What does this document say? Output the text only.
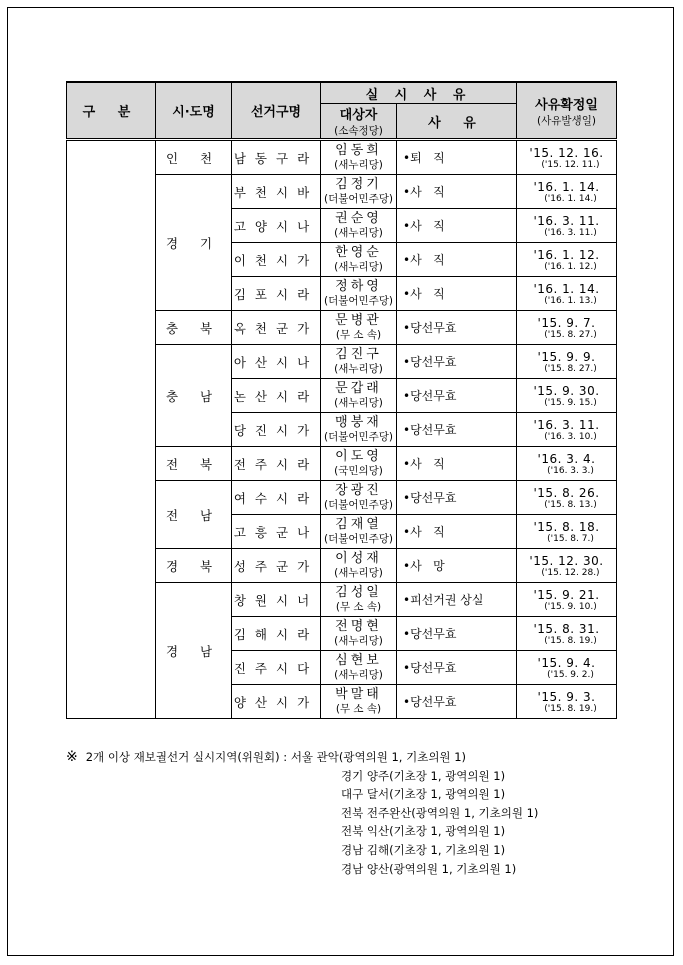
구 분	시·도명	선거구명	실 시 사 유		사유확정일
(사유발생일)

			대상자
(소속정당)	사 유	
	인 천	남동구라	임동희
(새누리당)	•퇴   직	'15. 12. 16.
('15. 12. 11.)

	경 기	부천시바	김정기
(더불어민주당)	•사   직	'16. 1. 14.
('16. 1. 14.)

		고양시나	권순영
(새누리당)	•사   직	'16. 3. 11.
('16. 3. 11.)

		이천시가	한영순
(새누리당)	•사   직	'16. 1. 12.
('16. 1. 12.)

		김포시라	정하영
(더불어민주당)	•사   직	'16. 1. 14.
('16. 1. 13.)

	충 북	옥천군가	문병관
(무 소 속)	•당선무효	'15. 9. 7.
('15. 8. 27.)

	충 남	아산시나	김진구
(새누리당)	•당선무효	'15. 9. 9.
('15. 8. 27.)

		논산시라	문갑래
(새누리당)	•당선무효	'15. 9. 30.
('15. 9. 15.)

		당진시가	맹붕재
(더불어민주당)	•당선무효	'16. 3. 11.
('16. 3. 10.)

	전 북	전주시라	이도영
(국민의당)	•사   직	'16. 3. 4.
('16. 3. 3.)

	전 남	여수시라	장광진
(더불어민주당)	•당선무효	'15. 8. 26.
('15. 8. 13.)

		고흥군나	김재열
(더불어민주당)	•사   직	'15. 8. 18.
('15. 8. 7.)

	경 북	성주군가	이성재
(새누리당)	•사   망	'15. 12. 30.
('15. 12. 28.)

	경 남	창원시너	김성일
(무 소 속)	•피선거권 상실	'15. 9. 21.
('15. 9. 10.)

		김해시라	전명현
(새누리당)	•당선무효	'15. 8. 31.
('15. 8. 19.)

		진주시다	심현보
(새누리당)	•당선무효	'15. 9. 4.
('15. 9. 2.)

		양산시가	박말태
(무 소 속)	•당선무효	'15. 9. 3.
('15. 8. 19.)
※ 2개 이상 재보궐선거 실시지역(위원회) : 서울 관악(광역의원 1, 기초의원 1)
경기 양주(기초장 1, 광역의원 1)
대구 달서(기초장 1, 광역의원 1)
전북 전주완산(광역의원 1, 기초의원 1)
전북 익산(기초장 1, 광역의원 1)
경남 김해(기초장 1, 기초의원 1)
경남 양산(광역의원 1, 기초의원 1)
